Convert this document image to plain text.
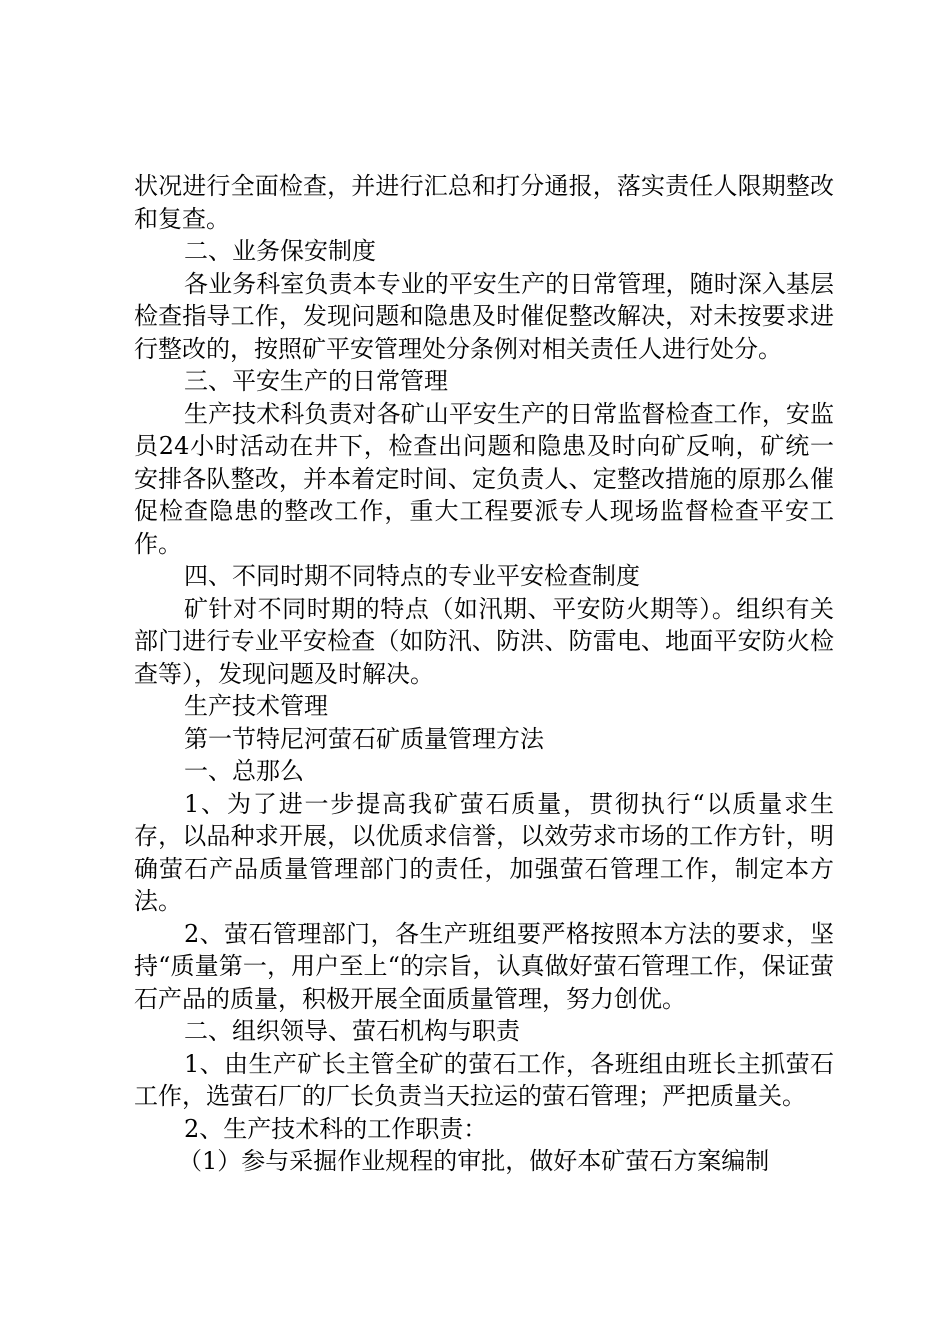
状况进行全面检查，并进行汇总和打分通报，落实责任人限期整改和复查。

二、业务保安制度

各业务科室负责本专业的平安生产的日常管理，随时深入基层检查指导工作，发现问题和隐患及时催促整改解决，对未按要求进行整改的，按照矿平安管理处分条例对相关责任人进行处分。

三、平安生产的日常管理

生产技术科负责对各矿山平安生产的日常监督检查工作，安监员24小时活动在井下，检查出问题和隐患及时向矿反响，矿统一安排各队整改，并本着定时间、定负责人、定整改措施的原那么催促检查隐患的整改工作，重大工程要派专人现场监督检查平安工作。

四、不同时期不同特点的专业平安检查制度

矿针对不同时期的特点（如汛期、平安防火期等）。组织有关部门进行专业平安检查（如防汛、防洪、防雷电、地面平安防火检查等），发现问题及时解决。

生产技术管理

第一节特尼河萤石矿质量管理方法

一、总那么

1、为了进一步提高我矿萤石质量，贯彻执行“以质量求生存，以品种求开展，以优质求信誉，以效劳求市场的工作方针，明确萤石产品质量管理部门的责任，加强萤石管理工作，制定本方法。

2、萤石管理部门，各生产班组要严格按照本方法的要求，坚持“质量第一，用户至上“的宗旨，认真做好萤石管理工作，保证萤石产品的质量，积极开展全面质量管理，努力创优。

二、组织领导、萤石机构与职责

1、由生产矿长主管全矿的萤石工作，各班组由班长主抓萤石工作，选萤石厂的厂长负责当天拉运的萤石管理；严把质量关。

2、生产技术科的工作职责：

（1）参与采掘作业规程的审批，做好本矿萤石方案编制
